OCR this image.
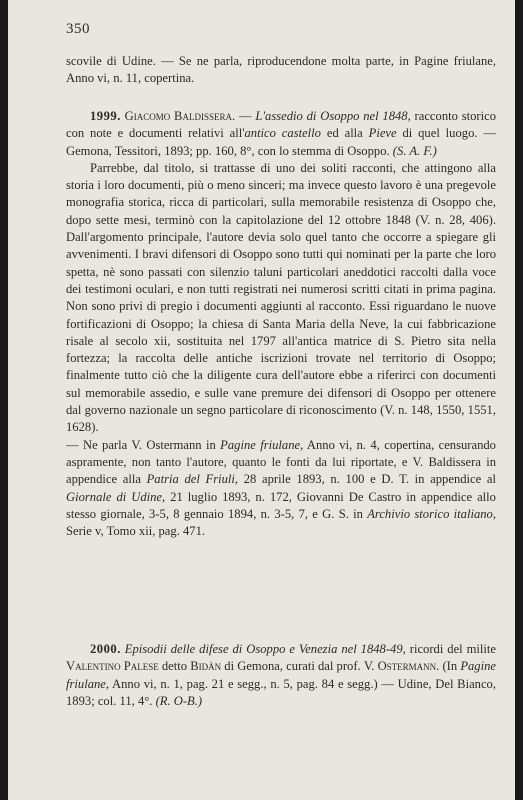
350

scovile di Udine. — Se ne parla, riproducendone molta parte, in Pagine friulane, Anno vi, n. 11, copertina.

1999. Giacomo Baldissera. — L'assedio di Osoppo nel 1848, racconto storico con note e documenti relativi all'antico castello ed alla Pieve di quel luogo. — Gemona, Tessitori, 1893; pp. 160, 8°, con lo stemma di Osoppo. (S. A. F.)

Parrebbe, dal titolo, si trattasse di uno dei soliti racconti, che attingono alla storia i loro documenti, più o meno sinceri; ma invece questo lavoro è una pregevole monografia storica, ricca di particolari, sulla memorabile resistenza di Osoppo che, dopo sette mesi, terminò con la capitolazione del 12 ottobre 1848 (V. n. 28, 406). Dall'argomento principale, l'autore devia solo quel tanto che occorre a spiegare gli avvenimenti. I bravi difensori di Osoppo sono tutti qui nominati per la parte che loro spetta, nè sono passati con silenzio taluni particolari aneddotici raccolti dalla voce dei testimoni oculari, e non tutti registrati nei numerosi scritti citati in prima pagina. Non sono privi di pregio i documenti aggiunti al racconto. Essi riguardano le nuove fortificazioni di Osoppo; la chiesa di Santa Maria della Neve, la cui fabbricazione risale al secolo xii, sostituita nel 1797 all'antica matrice di S. Pietro sita nella fortezza; la raccolta delle antiche iscrizioni trovate nel territorio di Osoppo; finalmente tutto ciò che la diligente cura dell'autore ebbe a riferirci con documenti sul memorabile assedio, e sulle vane premure dei difensori di Osoppo per ottenere dal governo nazionale un segno particolare di riconoscimento (V. n. 148, 1550, 1551, 1628).

— Ne parla V. Ostermann in Pagine friulane, Anno vi, n. 4, copertina, censurando aspramente, non tanto l'autore, quanto le fonti da lui riportate, e V. Baldissera in appendice alla Patria del Friuli, 28 aprile 1893, n. 100 e D. T. in appendice al Giornale di Udine, 21 luglio 1893, n. 172, Giovanni De Castro in appendice allo stesso giornale, 3-5, 8 gennaio 1894, n. 3-5, 7, e G. S. in Archivio storico italiano, Serie v, Tomo xii, pag. 471.

2000. Episodii delle difese di Osoppo e Venezia nel 1848-49, ricordi del milite Valentino Palese detto Bidàn di Gemona, curati dal prof. V. Ostermann. (In Pagine friulane, Anno vi, n. 1, pag. 21 e segg., n. 5, pag. 84 e segg.) — Udine, Del Bianco, 1893; col. 11, 4°. (R. O-B.)
